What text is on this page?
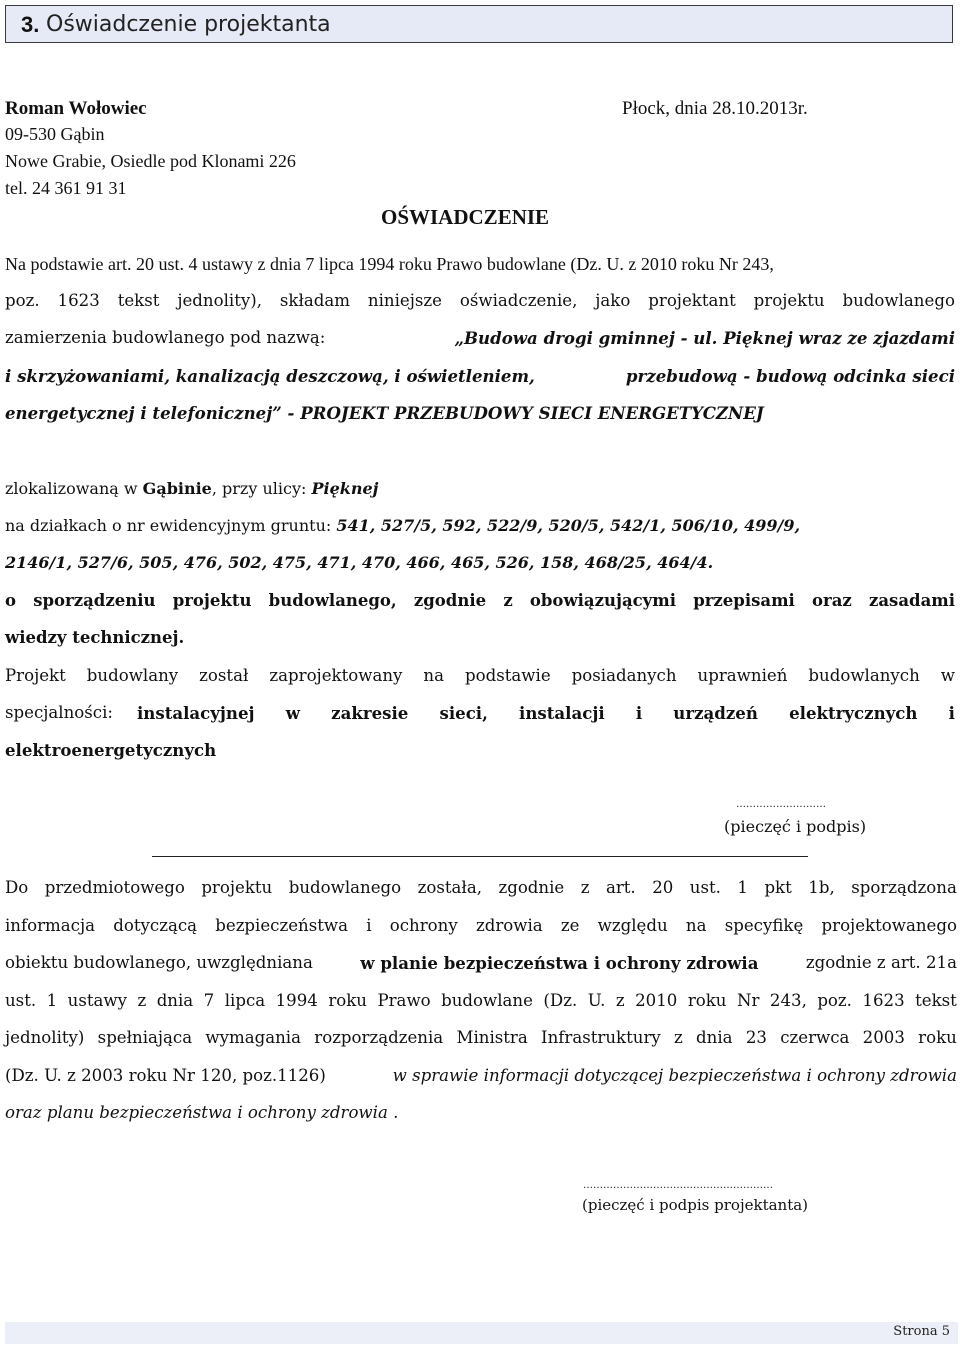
3. Oświadczenie projektanta
Roman Wołowiec
09-530 Gąbin
Nowe Grabie, Osiedle pod Klonami 226
tel. 24 361 91 31
Płock, dnia 28.10.2013r.
OŚWIADCZENIE
Na podstawie art. 20 ust. 4 ustawy z dnia 7 lipca 1994 roku Prawo budowlane (Dz. U. z 2010 roku Nr 243,
poz. 1623 tekst jednolity), składam niniejsze oświadczenie, jako projektant projektu budowlanego
zamierzenia budowlanego pod nazwą:	„Budowa drogi gminnej - ul. Pięknej wraz ze zjazdami
i skrzyżowaniami, kanalizacją deszczową, i oświetleniem,	przebudową - budową odcinka sieci
energetycznej i telefonicznej” - PROJEKT PRZEBUDOWY SIECI ENERGETYCZNEJ
zlokalizowaną w Gąbinie, przy ulicy: Pięknej
na działkach o nr ewidencyjnym gruntu: 541, 527/5, 592, 522/9, 520/5, 542/1, 506/10, 499/9,
2146/1, 527/6, 505, 476, 502, 475, 471, 470, 466, 465, 526, 158, 468/25, 464/4.
o sporządzeniu projektu budowlanego, zgodnie z obowiązującymi przepisami oraz zasadami
wiedzy technicznej.
Projekt budowlany został zaprojektowany na podstawie posiadanych uprawnień budowlanych w
specjalności: instalacyjnej w zakresie sieci, instalacji i urządzeń elektrycznych i
elektroenergetycznych
………………………
(pieczęć i podpis)
Do przedmiotowego projektu budowlanego została, zgodnie z art. 20 ust. 1 pkt 1b, sporządzona
informacja dotyczącą bezpieczeństwa i ochrony zdrowia ze względu na specyfikę projektowanego
obiektu budowlanego, uwzględniana	w planie bezpieczeństwa i ochrony zdrowia	zgodnie z art. 21a
ust. 1 ustawy z dnia 7 lipca 1994 roku Prawo budowlane (Dz. U. z 2010 roku Nr 243, poz. 1623 tekst
jednolity) spełniająca wymagania rozporządzenia Ministra Infrastruktury z dnia 23 czerwca 2003 roku
(Dz. U. z 2003 roku Nr 120, poz.1126)	w sprawie informacji dotyczącej bezpieczeństwa i ochrony zdrowia
oraz planu bezpieczeństwa i ochrony zdrowia .
…………………………………………………
(pieczęć i podpis projektanta)
Strona 5
